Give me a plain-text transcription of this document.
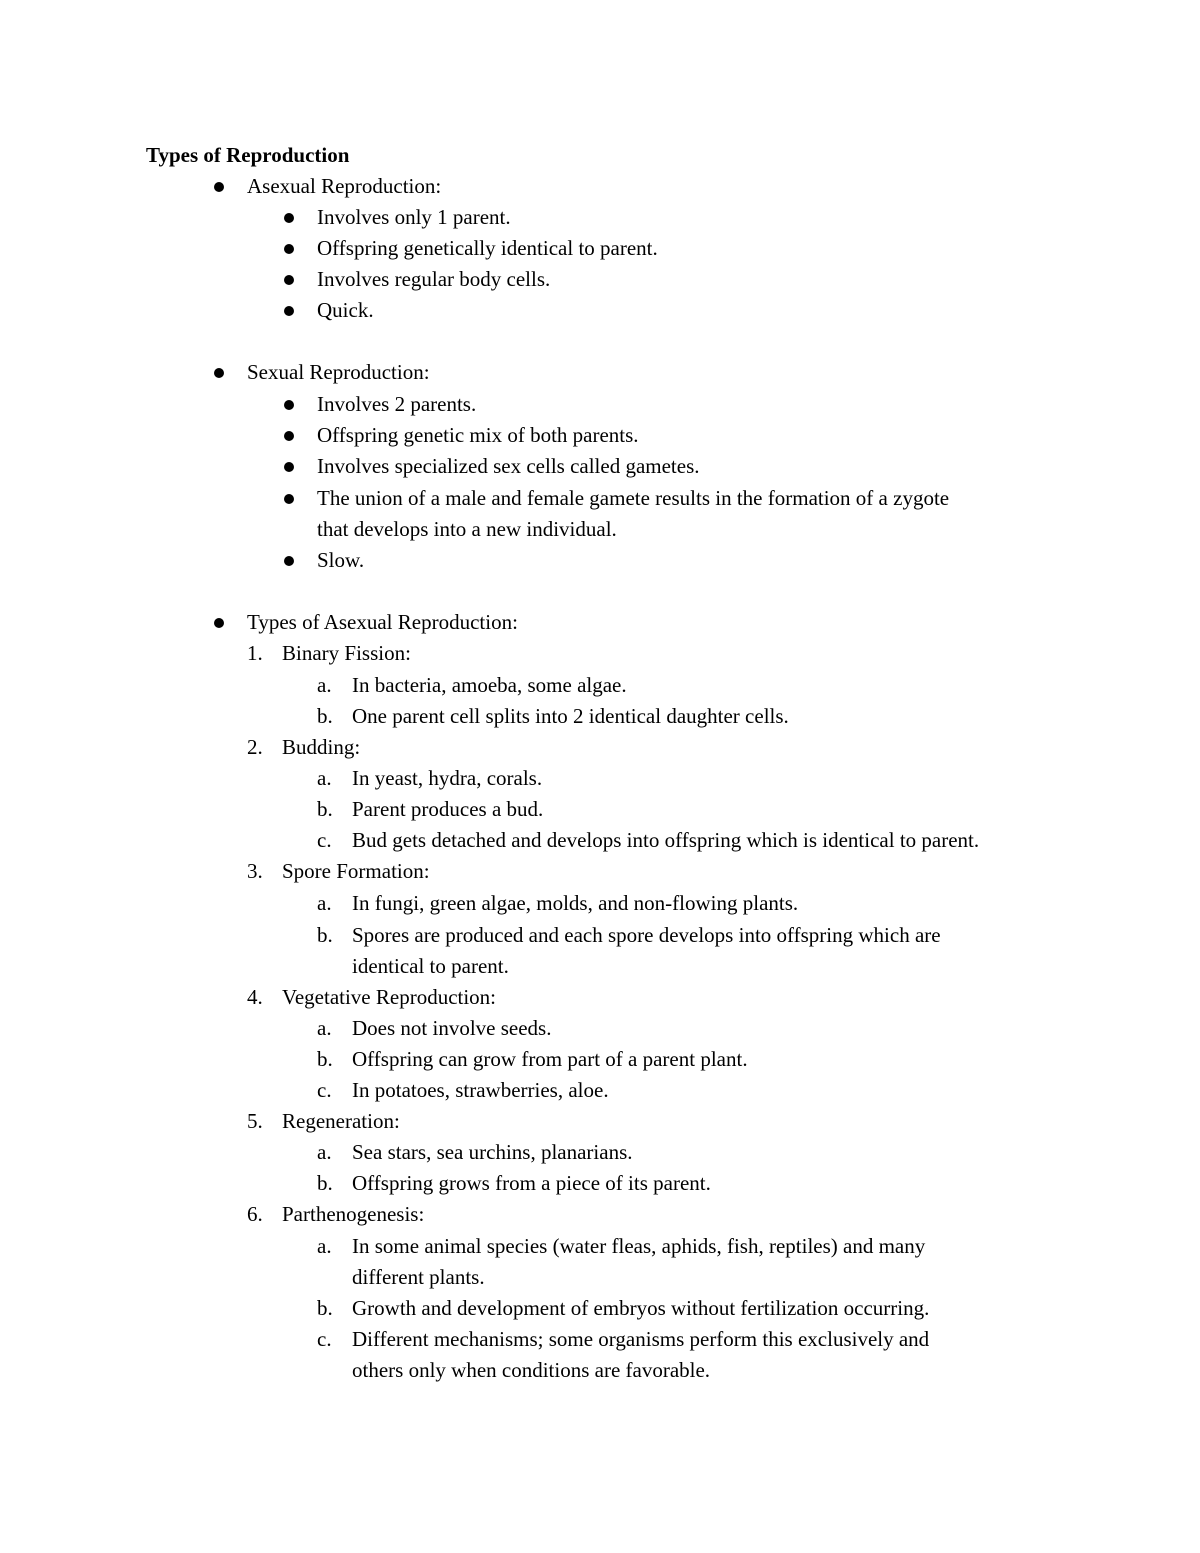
Types of Reproduction
Asexual Reproduction:
Involves only 1 parent.
Offspring genetically identical to parent.
Involves regular body cells.
Quick.
Sexual Reproduction:
Involves 2 parents.
Offspring genetic mix of both parents.
Involves specialized sex cells called gametes.
The union of a male and female gamete results in the formation of a zygote
that develops into a new individual.
Slow.
Types of Asexual Reproduction:
1. Binary Fission:
a. In bacteria, amoeba, some algae.
b. One parent cell splits into 2 identical daughter cells.
2. Budding:
a. In yeast, hydra, corals.
b. Parent produces a bud.
c. Bud gets detached and develops into offspring which is identical to parent.
3. Spore Formation:
a. In fungi, green algae, molds, and non-flowing plants.
b. Spores are produced and each spore develops into offspring which are
identical to parent.
4. Vegetative Reproduction:
a. Does not involve seeds.
b. Offspring can grow from part of a parent plant.
c. In potatoes, strawberries, aloe.
5. Regeneration:
a. Sea stars, sea urchins, planarians.
b. Offspring grows from a piece of its parent.
6. Parthenogenesis:
a. In some animal species (water fleas, aphids, fish, reptiles) and many
different plants.
b. Growth and development of embryos without fertilization occurring.
c. Different mechanisms; some organisms perform this exclusively and
others only when conditions are favorable.
